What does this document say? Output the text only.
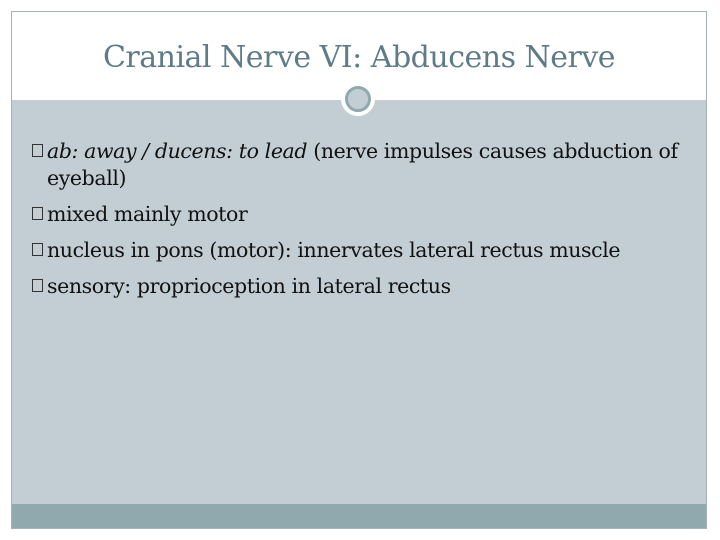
Cranial Nerve VI: Abducens Nerve
ab: away / ducens: to lead (nerve impulses causes abduction of eyeball)
mixed mainly motor
nucleus in pons (motor): innervates lateral rectus muscle
sensory: proprioception in lateral rectus
